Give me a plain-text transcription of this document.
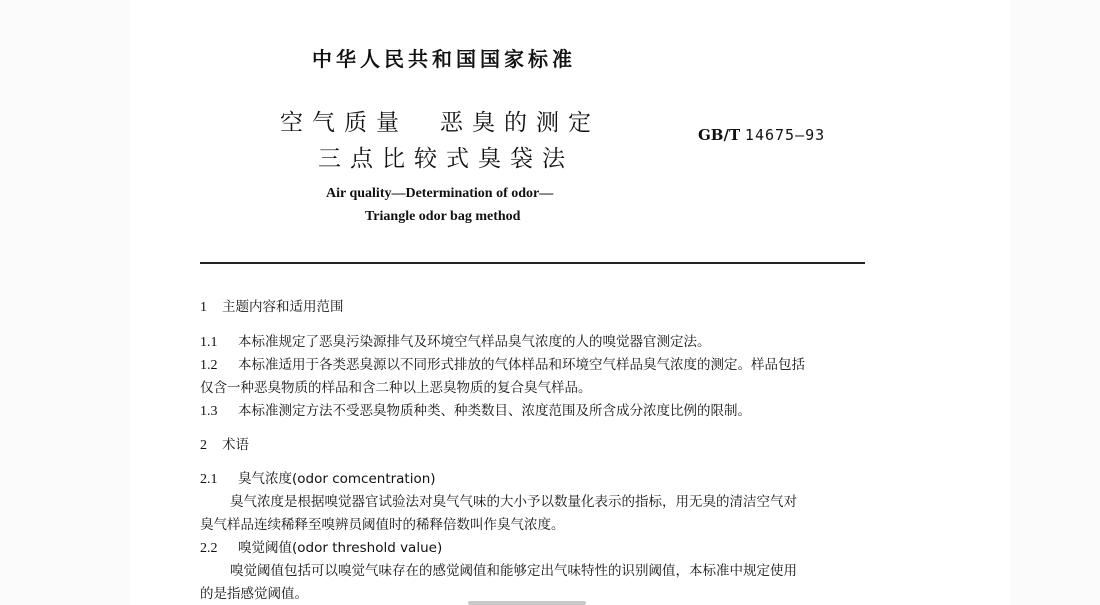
中华人民共和国国家标准
空气质量　恶臭的测定
三点比较式臭袋法
GB/T 14675—93
Air quality—Determination of odor—
Triangle odor bag method
1 主题内容和适用范围
1.1 本标准规定了恶臭污染源排气及环境空气样品臭气浓度的人的嗅觉器官测定法。
1.2 本标准适用于各类恶臭源以不同形式排放的气体样品和环境空气样品臭气浓度的测定。样品包括
仅含一种恶臭物质的样品和含二种以上恶臭物质的复合臭气样品。
1.3 本标准测定方法不受恶臭物质种类、种类数目、浓度范围及所含成分浓度比例的限制。
2 术语
2.1 臭气浓度(odor comcentration)
臭气浓度是根据嗅觉器官试验法对臭气气味的大小予以数量化表示的指标，用无臭的清洁空气对
臭气样品连续稀释至嗅辨员阈值时的稀释倍数叫作臭气浓度。
2.2 嗅觉阈值(odor threshold value)
嗅觉阈值包括可以嗅觉气味存在的感觉阈值和能够定出气味特性的识别阈值，本标准中规定使用
的是指感觉阈值。
